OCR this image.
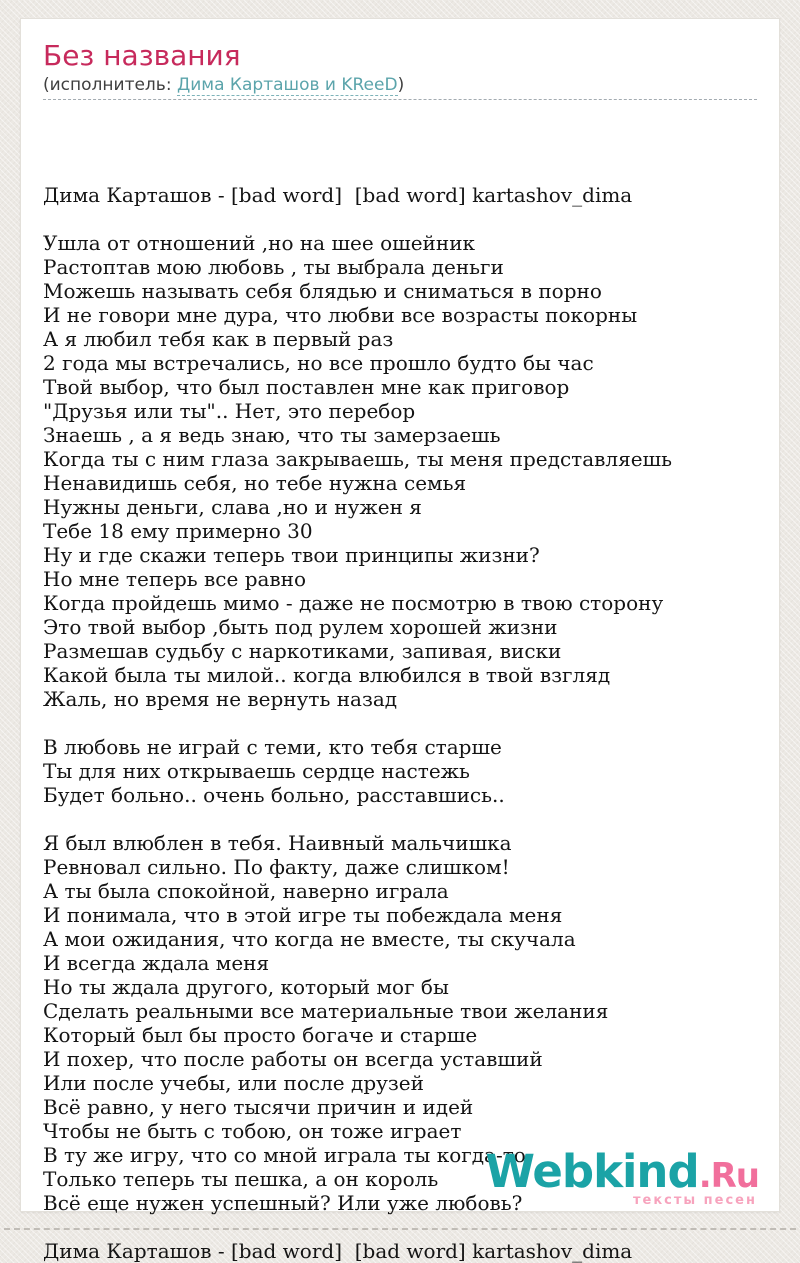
Без названия
(исполнитель: Дима Карташов и KReeD)

Дима Карташов - [bad word]  [bad word] kartashov_dima
Ушла от отношений ,но на шее ошейник
Растоптав мою любовь , ты выбрала деньги
Можешь называть себя блядью и сниматься в порно
И не говори мне дура, что любви все возрасты покорны
А я любил тебя как в первый раз
2 года мы встречались, но все прошло будто бы час
Твой выбор, что был поставлен мне как приговор
"Друзья или ты".. Нет, это перебор
Знаешь , а я ведь знаю, что ты замерзаешь
Когда ты с ним глаза закрываешь, ты меня представляешь
Ненавидишь себя, но тебе нужна семья
Нужны деньги, слава ,но и нужен я
Тебе 18 ему примерно 30
Ну и где скажи теперь твои принципы жизни?
Но мне теперь все равно
Когда пройдешь мимо - даже не посмотрю в твою сторону
Это твой выбор ,быть под рулем хорошей жизни
Размешав судьбу с наркотиками, запивая, виски
Какой была ты милой.. когда влюбился в твой взгляд
Жаль, но время не вернуть назад
В любовь не играй с теми, кто тебя старше
Ты для них открываешь сердце настежь
Будет больно.. очень больно, расставшись..
Я был влюблен в тебя. Наивный мальчишка
Ревновал сильно. По факту, даже слишком!
А ты была спокойной, наверно играла
И понимала, что в этой игре ты побеждала меня
А мои ожидания, что когда не вместе, ты скучала
И всегда ждала меня
Но ты ждала другого, который мог бы
Сделать реальными все материальные твои желания
Который был бы просто богаче и старше
И похер, что после работы он всегда уставший
Или после учебы, или после друзей
Всё равно, у него тысячи причин и идей
Чтобы не быть с тобою, он тоже играет
В ту же игру, что со мной играла ты когда-то
Только теперь ты пешка, а он король
Всё еще нужен успешный? Или уже любовь?
Дима Карташов - [bad word]  [bad word] kartashov_dima
Webkind.Ru
тексты песен
